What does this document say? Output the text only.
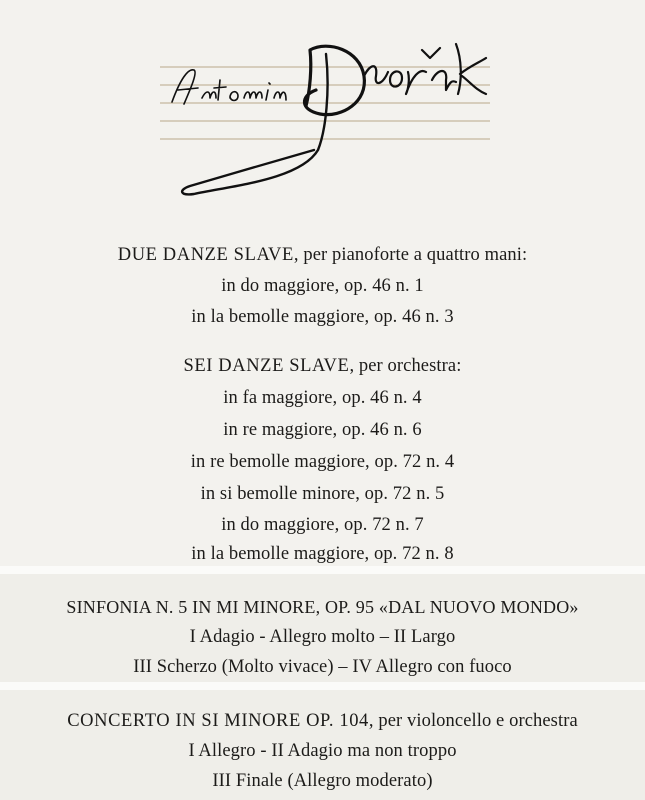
DUE DANZE SLAVE, per pianoforte a quattro mani:
in do maggiore, op. 46 n. 1
in la bemolle maggiore, op. 46 n. 3
SEI DANZE SLAVE, per orchestra:
in fa maggiore, op. 46 n. 4
in re maggiore, op. 46 n. 6
in re bemolle maggiore, op. 72 n. 4
in si bemolle minore, op. 72 n. 5
in do maggiore, op. 72 n. 7
in la bemolle maggiore, op. 72 n. 8
SINFONIA N. 5 IN MI MINORE, OP. 95 «DAL NUOVO MONDO»
I Adagio - Allegro molto – II Largo
III Scherzo (Molto vivace) – IV Allegro con fuoco
CONCERTO IN SI MINORE OP. 104, per violoncello e orchestra
I Allegro - II Adagio ma non troppo
III Finale (Allegro moderato)
